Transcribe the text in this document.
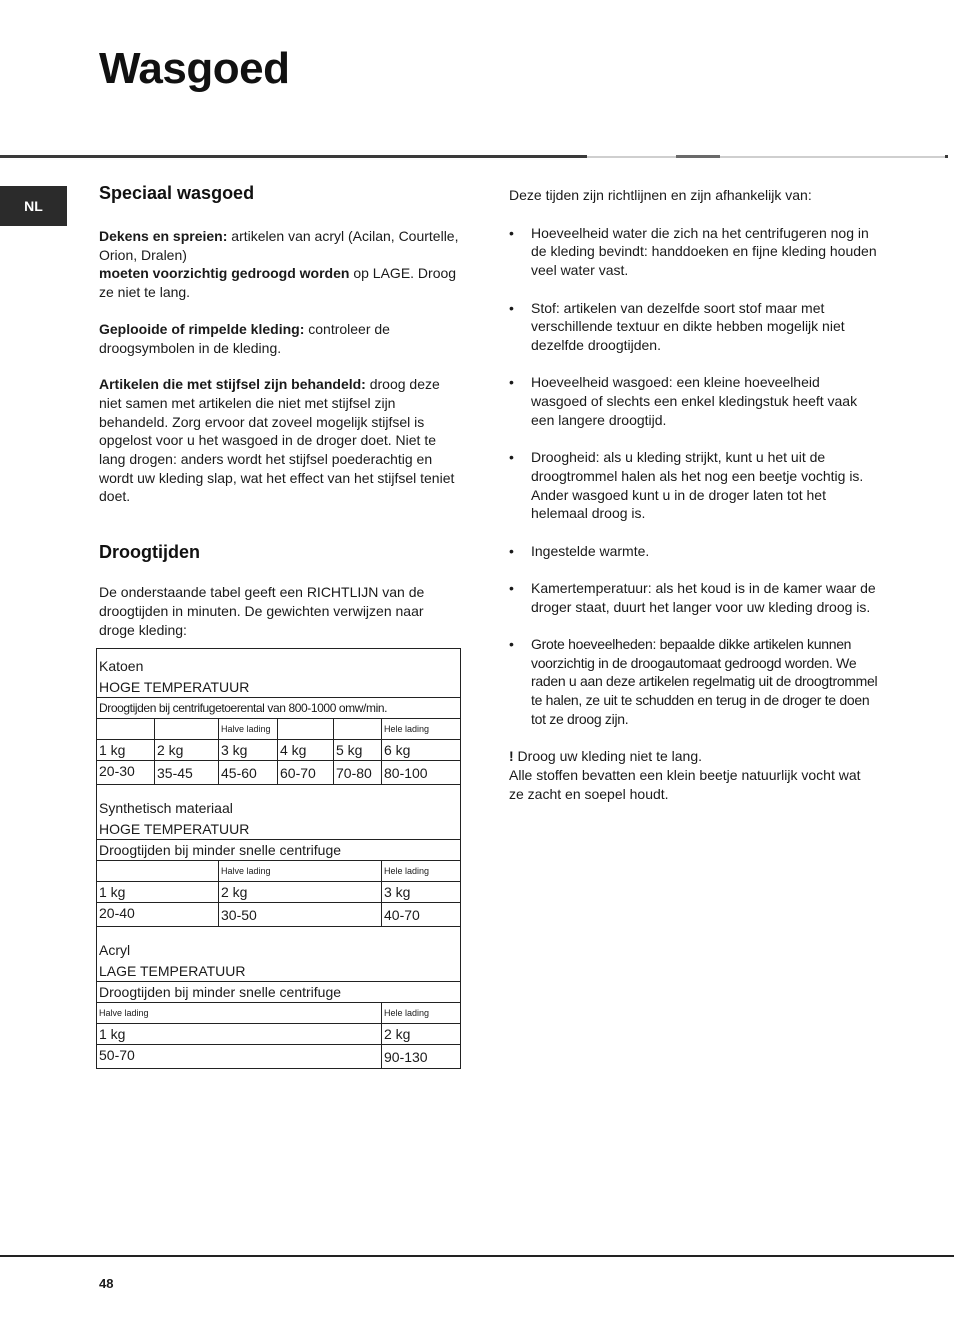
Wasgoed
NL
Speciaal wasgoed

Dekens en spreien: artikelen van acryl (Acilan, Courtelle, Orion, Dralen)
moeten voorzichtig gedroogd worden op LAGE. Droog ze niet te lang.

Geplooide of rimpelde kleding: controleer de droogsymbolen in de kleding.

Artikelen die met stijfsel zijn behandeld: droog deze niet samen met artikelen die niet met stijfsel zijn behandeld. Zorg ervoor dat zoveel mogelijk stijfsel is opgelost voor u het wasgoed in de droger doet. Niet te lang drogen: anders wordt het stijfsel poederachtig en wordt uw kleding slap, wat het effect van het stijfsel teniet doet.

Droogtijden

De onderstaande tabel geeft een RICHTLIJN van de droogtijden in minuten. De gewichten verwijzen naar droge kleding:

Katoen
HOGE TEMPERATUUR					

Droogtijden bij centrifugetoerental van 800-1000 omw/min.					
		Halve lading			Hele lading
1 kg	2 kg	3 kg	4 kg	5 kg	6 kg
20-30	35-45	45-60	60-70	70-80	80-100

Synthetisch materiaal
HOGE TEMPERATUUR					

Droogtijden bij minder snelle centrifuge					
		Halve lading			Hele lading
1 kg		2 kg			3 kg
20-40		30-50			40-70

Acryl
LAGE TEMPERATUUR					

Droogtijden bij minder snelle centrifuge					
Halve lading					Hele lading
1 kg					2 kg
50-70					90-130

Deze tijden zijn richtlijnen en zijn afhankelijk van:

• Hoeveelheid water die zich na het centrifugeren nog in de kleding bevindt: handdoeken en fijne kleding houden veel water vast.
• Stof: artikelen van dezelfde soort stof maar met verschillende textuur en dikte hebben mogelijk niet dezelfde droogtijden.
• Hoeveelheid wasgoed: een kleine hoeveelheid wasgoed of slechts een enkel kledingstuk heeft vaak een langere droogtijd.
• Droogheid: als u kleding strijkt, kunt u het uit de droogtrommel halen als het nog een beetje vochtig is. Ander wasgoed kunt u in de droger laten tot het helemaal droog is.
• Ingestelde warmte.
• Kamertemperatuur: als het koud is in de kamer waar de droger staat, duurt het langer voor uw kleding droog is.
• Grote hoeveelheden: bepaalde dikke artikelen kunnen voorzichtig in de droogautomaat gedroogd worden. We raden u aan deze artikelen regelmatig uit de droogtrommel te halen, ze uit te schudden en terug in de droger te doen tot ze droog zijn.

! Droog uw kleding niet te lang.
Alle stoffen bevatten een klein beetje natuurlijk vocht wat ze zacht en soepel houdt.

48
